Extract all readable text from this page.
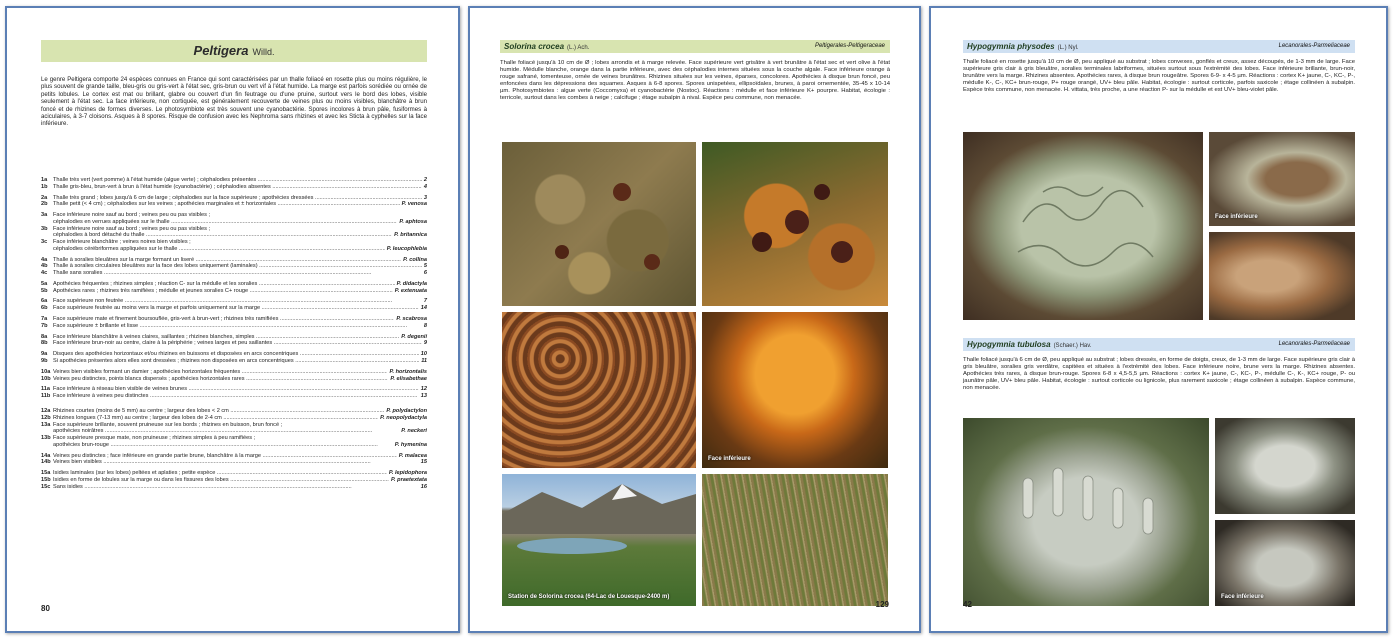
Peltigera Willd.
Le genre Peltigera comporte 24 espèces connues en France qui sont caractérisées par un thalle foliacé en rosette plus ou moins régulière, le plus souvent de grande taille, bleu-gris ou gris-vert à l'état sec, gris-brun ou vert vif à l'état humide. La marge est parfois sorédiée ou ornée de petits lobules. Le cortex est mat ou brillant, glabre ou couvert d'un fin feutrage ou d'une pruine, surtout vers le bord des lobes, visible seulement à l'état sec. La face inférieure, non cortiquée, est généralement recouverte de veines plus ou moins visibles, blanchâtre à brun foncé et de rhizines de formes diverses. Le photosymbiote est très souvent une cyanobactérie. Spores incolores à brun pâle, fusiformes à aciculaires, à 3-7 cloisons. Asques à 8 spores. Risque de confusion avec les Nephroma sans rhizines et avec les Sticta à cyphelles sur la face inférieure.
1a	Thalle très vert (vert pomme) à l'état humide (algue verte) ; céphalodies présentes .....	2
1b Thalle gris-bleu, brun-vert à brun à l'état humide (cyanobactérie) ; céphalodies absentes .....	4
2a	Thalle très grand ; lobes jusqu'à 6 cm de large ; céphalodies sur la face supérieure ; apothécies dressées .....	3
2b Thalle petit (< 4 cm) ; céphalodies sur les veines ; apothécies marginales et ± horizontales .....	P. venosa
3a	Face inférieure noire sauf au bord ; veines peu ou pas visibles ;
céphalodies en verrues appliquées sur le thalle .....	P. aphtosa
3b Face inférieure noire sauf au bord ; veines peu ou pas visibles ;
céphalodies à bord détaché du thalle .....	P. britannica
3c	Face inférieure blanchâtre ; veines noires bien visibles ;
céphalodies cérébriformes appliquées sur le thalle .....	P. leucophlebia
4a	Thalle à soralies bleuâtres sur la marge formant un liseré .....	P. collina
4b Thalle à soralies circulaires bleuâtres sur la face des lobes uniquement (laminales) .....	5
4c	Thalle sans soralies .....	6
5a	Apothécies fréquentes ; rhizines simples ; réaction C- sur la médulle et les soralies .....	P. didactyla
5b Apothécies rares ; rhizines très ramifiées ; médulle et jeunes soralies C+ rouge .....	P. extenuata
6a	Face supérieure non feutrée .....	7
6b Face supérieure feutrée au moins vers la marge et parfois uniquement sur la marge .....	14
7a	Face supérieure mate et finement boursouflée, gris-vert à brun-vert ; rhizines très ramifiées .....	P. scabrosa
7b Face supérieure ± brillante et lisse .....	8
8a	Face inférieure blanchâtre à veines claires, saillantes ; rhizines blanches, simples .....	P. degenii
8b Face inférieure brun-noir au centre, claire à la périphérie ; veines larges et peu saillantes .....	9
9a	Disques des apothécies horizontaux et/ou rhizines en buissons et disposées en arcs concentriques .....	10
9b Si apothécies présentes alors elles sont dressées ; rhizines non disposées en arcs concentriques .....	11
10a Veines bien visibles formant un damier ; apothécies horizontales fréquentes .....	P. horizontalis
10b Veines peu distinctes, points blancs dispersés ; apothécies horizontales rares .....	P. elisabethae
11a Face inférieure à réseau bien visible de veines brunes .....	12
11b Face inférieure à veines peu distinctes .....	13
12a Rhizines courtes (moins de 5 mm) au centre ; largeur des lobes < 2 cm .....	P. polydactylon
12b Rhizines longues (7-13 mm) au centre ; largeur des lobes de 2-4 cm .....	P. neopolydactyla
13a Face supérieure brillante, souvent pruineuse sur les bords ; rhizines en buisson, brun foncé ;
apothécies noirâtres .....	P. neckeri
13b Face supérieure presque mate, non pruineuse ; rhizines simples à peu ramifiées ;
apothécies brun-rouge .....	P. hymenina
14a Veines peu distinctes ; face inférieure en grande partie brune, blanchâtre à la marge .....	P. malacea
14b Veines bien visibles .....	15
15a Isidies laminales (sur les lobes) peltées et aplaties ; petite espèce .....	P. lepidophora
15b Isidies en forme de lobules sur la marge ou dans les fissures des lobes .....	P. praetextata
15c Sans isidies .....	16
80
Solorina crocea (L.) Ach.	Peltigerales-Peltigeraceae
Thalle foliacé jusqu'à 10 cm de Ø ; lobes arrondis et à marge relevée. Face supérieure vert grisâtre à vert brunâtre à l'état sec et vert olive à l'état humide. Médulle blanche, orange dans la partie inférieure, avec des céphalodies internes situées sous la couche algale. Face inférieure orange à rouge safrané, tomenteuse, ornée de veines brunâtres. Rhizines situées sur les veines, éparses, concolores. Apothécies à disque brun foncé, peu enfoncées dans les dépressions des squames. Asques à 6-8 spores. Spores unispetées, ellipsoïdales, brunes, à paroi ornementée, 35-45 x 10-14 µm. Photosymbiotes : algue verte (Coccomyxa) et cyanobactérie (Nostoc). Réactions : médulle et face inférieure K+ pourpre. Habitat, écologie : terricole, surtout dans les combes à neige ; calcifuge ; étage subalpin à nival. Espèce peu commune, non menacée.
Face inférieure
Station de Solorina crocea (64-Lac de Louesque-2400 m)
129
Hypogymnia physodes (L.) Nyl.	Lecanorales-Parmeliaceae
Thalle foliacé en rosette jusqu'à 10 cm de Ø, peu appliqué au substrat ; lobes convexes, gonflés et creux, assez découpés, de 1-3 mm de large. Face supérieure gris clair à gris bleuâtre, soralies terminales labriformes, situées surtout sous l'extrémité des lobes. Face inférieure brillante, brun-noir, brunâtre vers la marge. Rhizines absentes. Apothécies rares, à disque brun rougeâtre. Spores 6-9- x 4-5 µm. Réactions : cortex K+ jaune, C-, KC-, P-, médulle K-, C-, KC+ brun-rouge, P+ rouge orangé, UV+ bleu pâle. Habitat, écologie : surtout corticole, parfois saxicole ; étage collinéen à subalpin. Espèce très commune, non menacée. H. vittata, très proche, a une réaction P- sur la médulle et est UV+ bleu-violet pâle.
Face inférieure
Hypogymnia tubulosa (Schaer.) Hav.	Lecanorales-Parmeliaceae
Thalle foliacé jusqu'à 6 cm de Ø, peu appliqué au substrat ; lobes dressés, en forme de doigts, creux, de 1-3 mm de large. Face supérieure gris clair à gris bleuâtre, soralies gris verdâtre, capitées et situées à l'extrémité des lobes. Face inférieure noire, brune vers la marge. Rhizines absentes. Apothécies très rares, à disque brun-rouge. Spores 6-8 x 4,5-5,5 µm. Réactions : cortex K+ jaune, C-, KC-, P-, médulle C-, K-, KC+ rouge, P- ou jaunâtre pâle, UV+ bleu pâle. Habitat, écologie : surtout corticole ou lignicole, plus rarement saxicole ; étage collinéen à subalpin. Espèce commune, non menacée.
Face inférieure
42
